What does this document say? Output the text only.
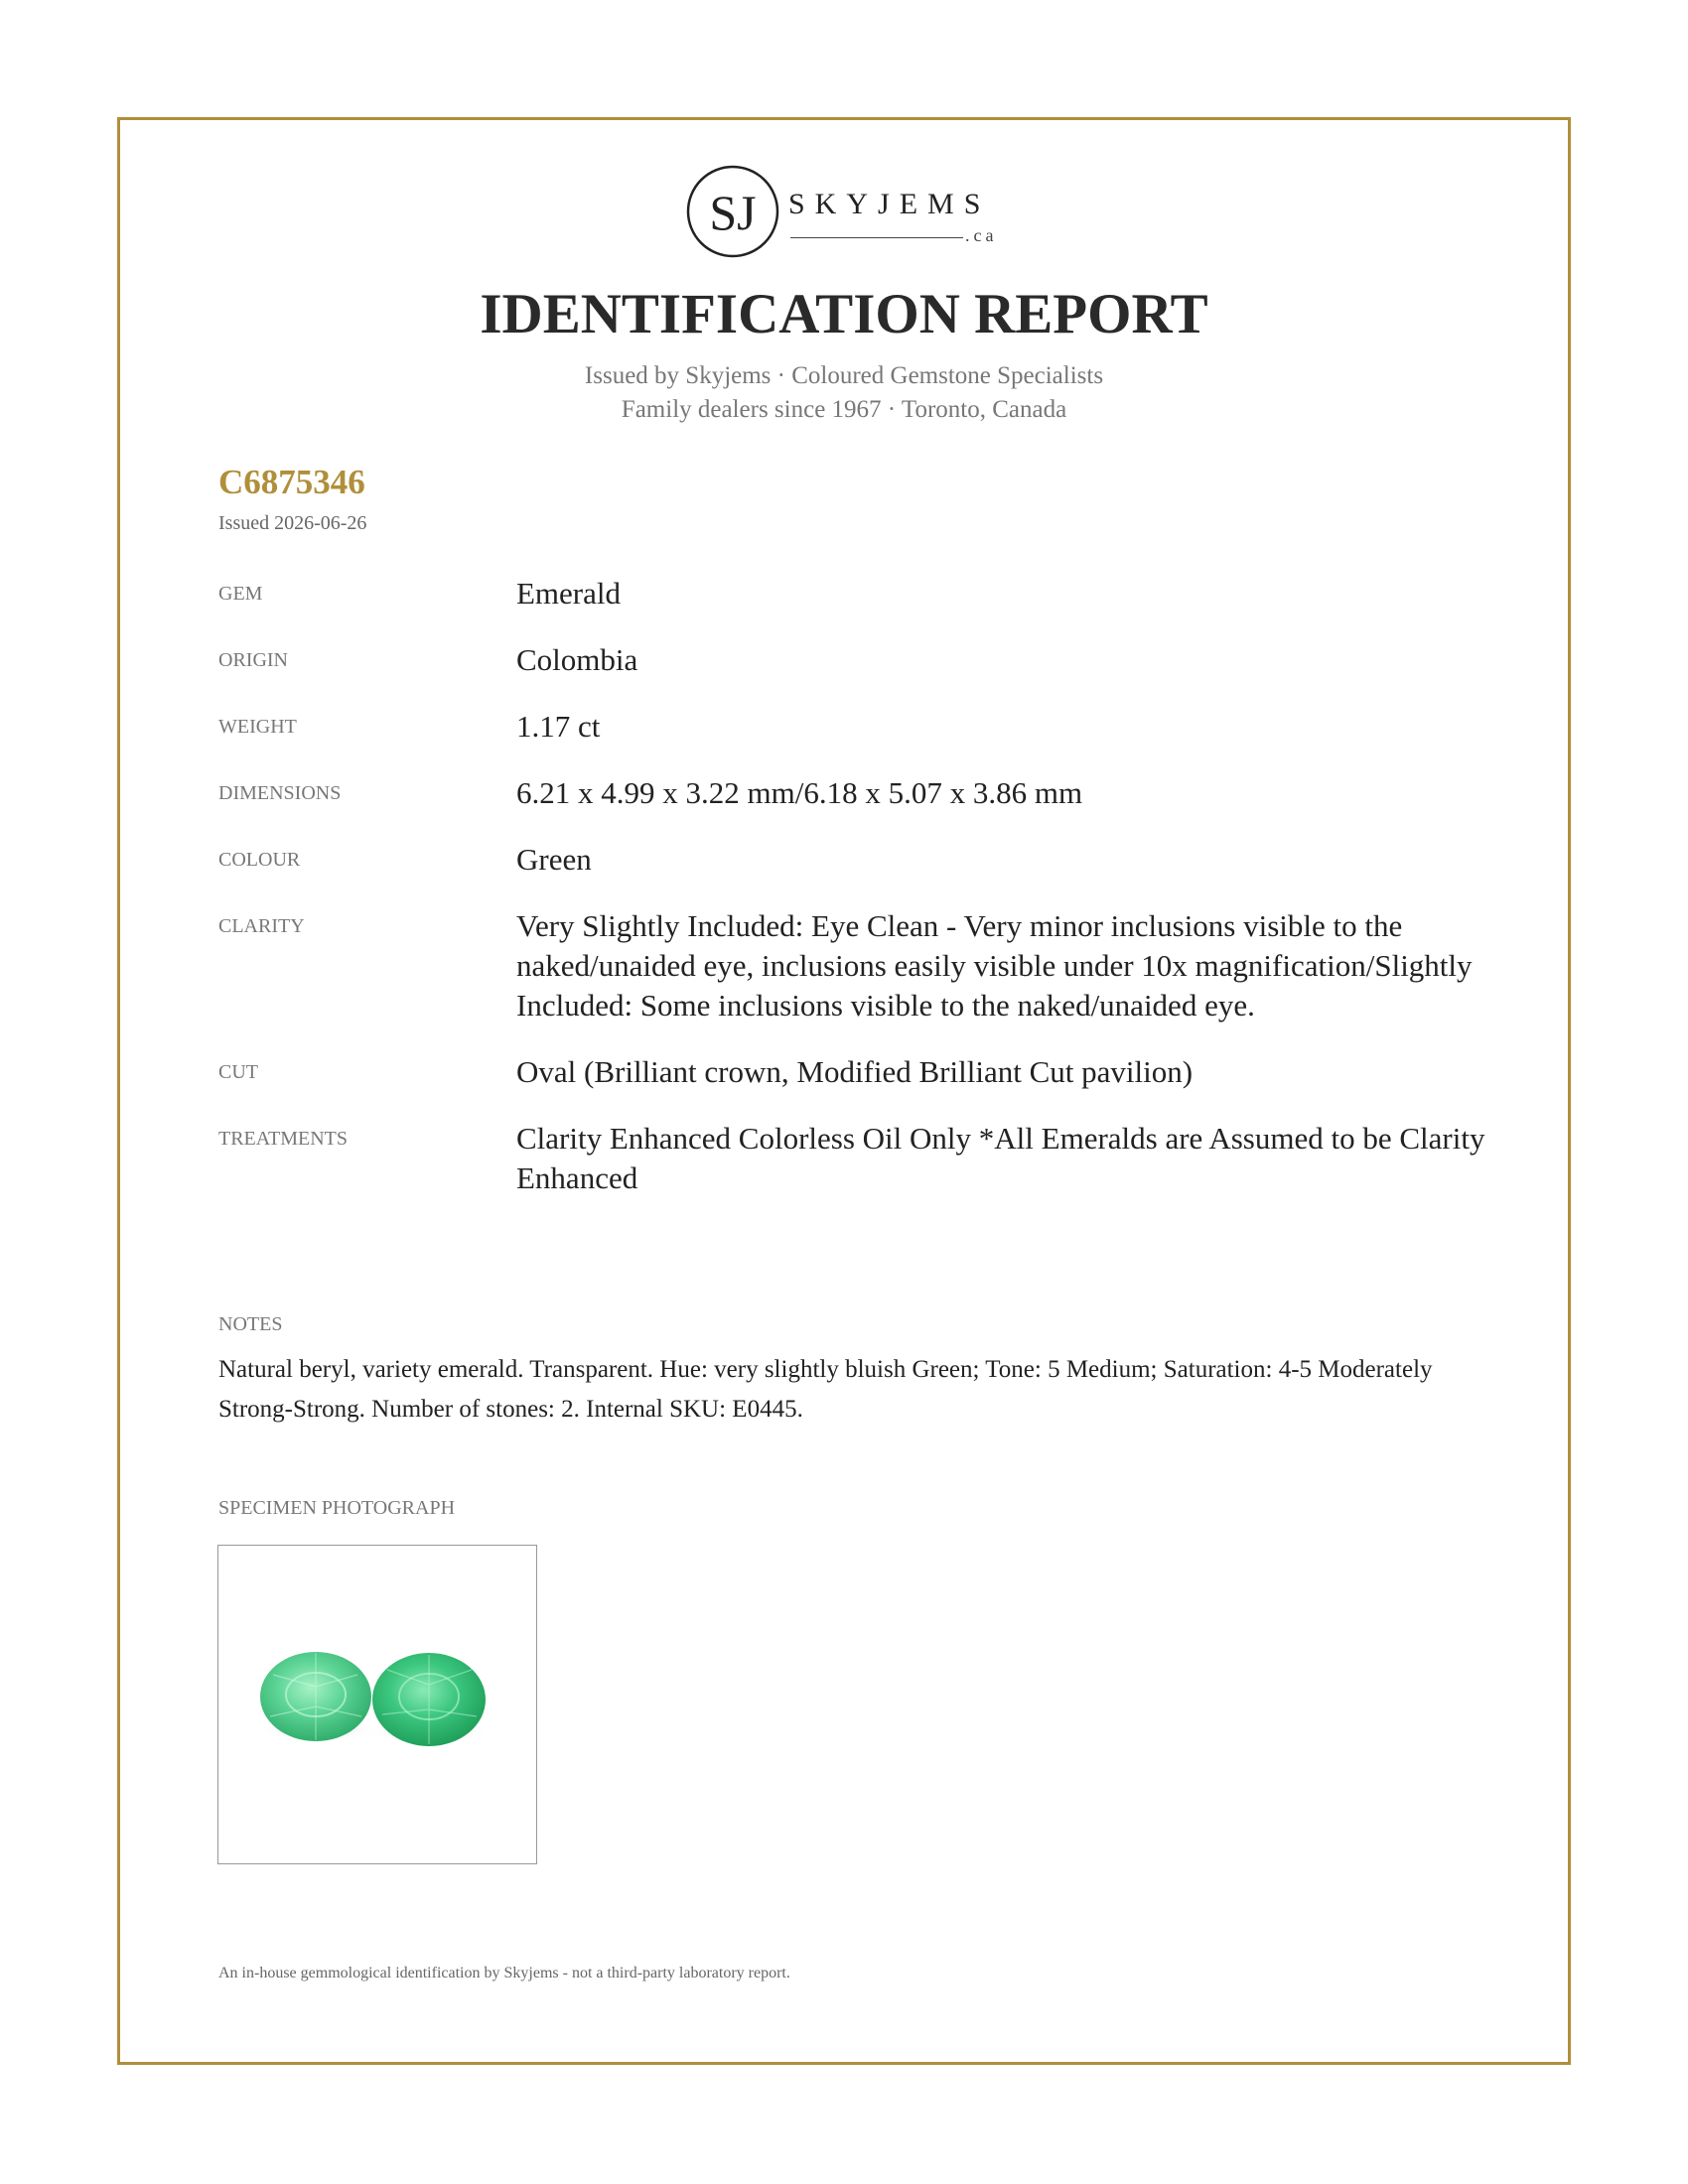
SJ SKYJEMS
.ca
IDENTIFICATION REPORT
Issued by Skyjems · Coloured Gemstone Specialists
Family dealers since 1967 · Toronto, Canada
C6875346
Issued 2026-06-26
GEM	Emerald
ORIGIN	Colombia
WEIGHT	1.17 ct
DIMENSIONS	6.21 x 4.99 x 3.22 mm/6.18 x 5.07 x 3.86 mm
COLOUR	Green
CLARITY	Very Slightly Included: Eye Clean - Very minor inclusions visible to the naked/unaided eye, inclusions easily visible under 10x magnification/Slightly Included: Some inclusions visible to the naked/unaided eye.
CUT	Oval (Brilliant crown, Modified Brilliant Cut pavilion)
TREATMENTS	Clarity Enhanced Colorless Oil Only *All Emeralds are Assumed to be Clarity Enhanced
NOTES
Natural beryl, variety emerald. Transparent. Hue: very slightly bluish Green; Tone: 5 Medium; Saturation: 4-5 Moderately Strong-Strong. Number of stones: 2. Internal SKU: E0445.
SPECIMEN PHOTOGRAPH
An in-house gemmological identification by Skyjems - not a third-party laboratory report.
